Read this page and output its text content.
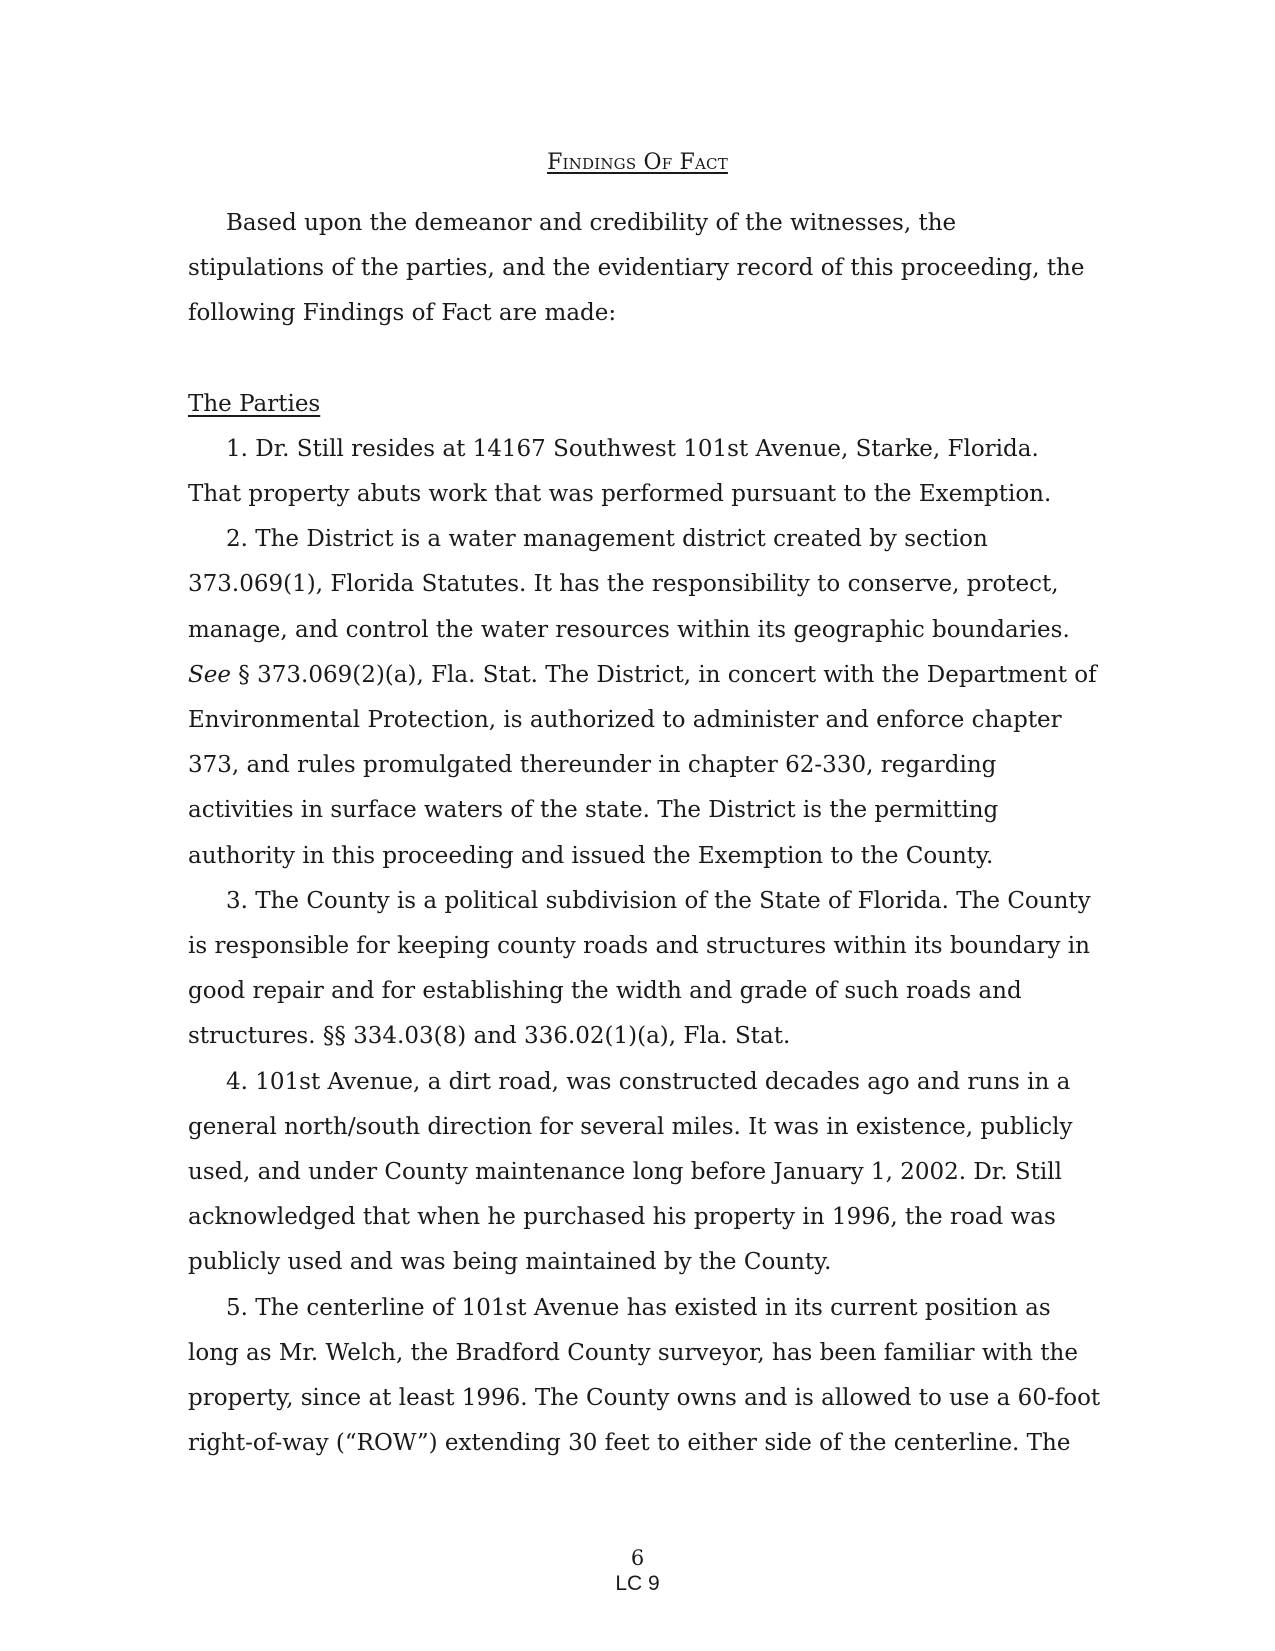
Findings Of Fact

Based upon the demeanor and credibility of the witnesses, the
stipulations of the parties, and the evidentiary record of this proceeding, the
following Findings of Fact are made:

The Parties

1. Dr. Still resides at 14167 Southwest 101st Avenue, Starke, Florida.
That property abuts work that was performed pursuant to the Exemption.

2. The District is a water management district created by section
373.069(1), Florida Statutes. It has the responsibility to conserve, protect,
manage, and control the water resources within its geographic boundaries.
See § 373.069(2)(a), Fla. Stat. The District, in concert with the Department of
Environmental Protection, is authorized to administer and enforce chapter
373, and rules promulgated thereunder in chapter 62-330, regarding
activities in surface waters of the state. The District is the permitting
authority in this proceeding and issued the Exemption to the County.

3. The County is a political subdivision of the State of Florida. The County
is responsible for keeping county roads and structures within its boundary in
good repair and for establishing the width and grade of such roads and
structures. §§ 334.03(8) and 336.02(1)(a), Fla. Stat.

4. 101st Avenue, a dirt road, was constructed decades ago and runs in a
general north/south direction for several miles. It was in existence, publicly
used, and under County maintenance long before January 1, 2002. Dr. Still
acknowledged that when he purchased his property in 1996, the road was
publicly used and was being maintained by the County.

5. The centerline of 101st Avenue has existed in its current position as
long as Mr. Welch, the Bradford County surveyor, has been familiar with the
property, since at least 1996. The County owns and is allowed to use a 60-foot
right-of-way (“ROW”) extending 30 feet to either side of the centerline. The

6
LC 9
